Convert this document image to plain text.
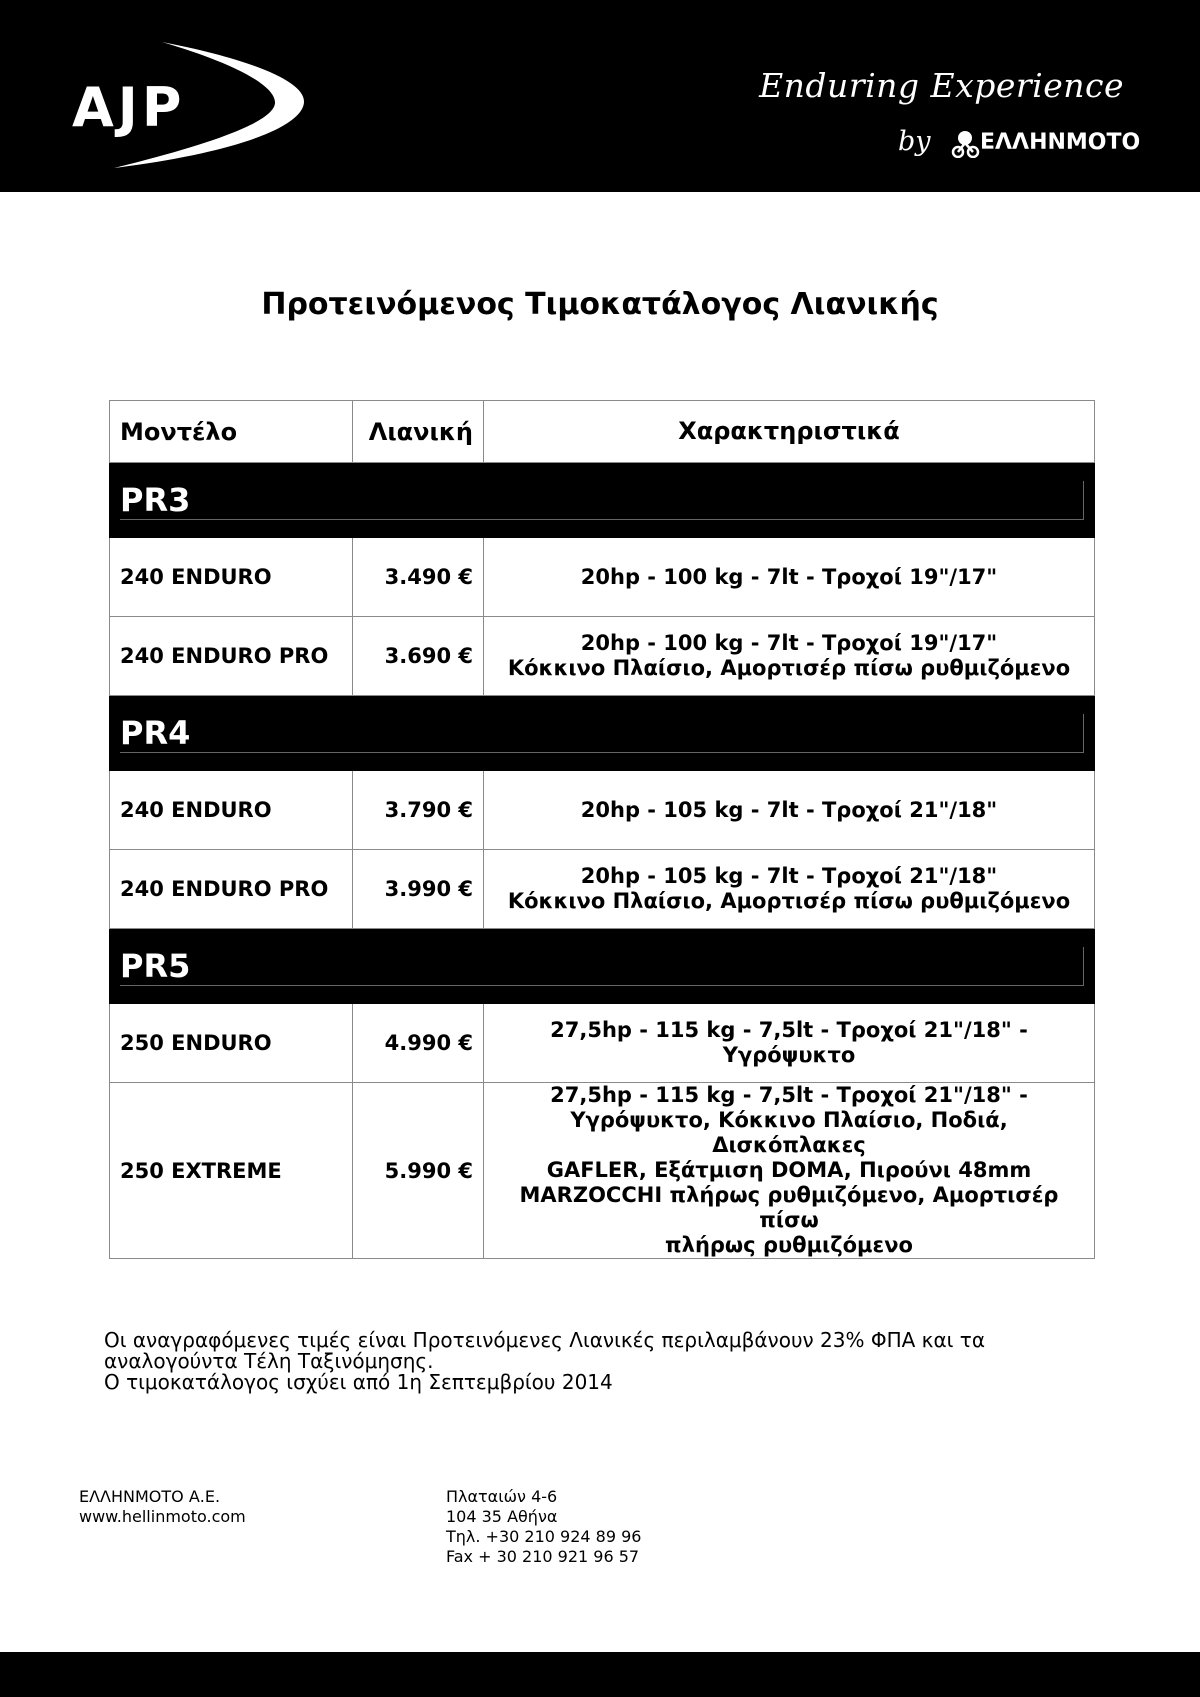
AJP	Enduring Experience
by ΕΛΛΗΝΜΟΤΟ
Προτεινόμενος Τιμοκατάλογος Λιανικής
Μοντέλο	Λιανική	Χαρακτηριστικά

PR3		

240 ENDURO	3.490 €	20hp - 100 kg - 7lt - Τροχοί 19"/17"

240 ENDURO PRO	3.690 €	20hp - 100 kg - 7lt - Τροχοί 19"/17"
Κόκκινο Πλαίσιο, Αμορτισέρ πίσω ρυθμιζόμενο

PR4		

240 ENDURO	3.790 €	20hp - 105 kg - 7lt - Τροχοί 21"/18"

240 ENDURO PRO	3.990 €	20hp - 105 kg - 7lt - Τροχοί 21"/18"
Κόκκινο Πλαίσιο, Αμορτισέρ πίσω ρυθμιζόμενο

PR5		

250 ENDURO	4.990 €	27,5hp - 115 kg - 7,5lt - Τροχοί 21"/18" -
Υγρόψυκτο

250 EXTREME	5.990 €	27,5hp - 115 kg - 7,5lt - Τροχοί 21"/18" -
Υγρόψυκτο, Κόκκινο Πλαίσιο, Ποδιά, Δισκόπλακες
GAFLER, Εξάτμιση DOMA, Πιρούνι 48mm
MARZOCCHI πλήρως ρυθμιζόμενο, Αμορτισέρ πίσω
πλήρως ρυθμιζόμενο

Οι αναγραφόμενες τιμές είναι Προτεινόμενες Λιανικές περιλαμβάνουν 23% ΦΠΑ και τα αναλογούντα Τέλη Ταξινόμησης.

Ο τιμοκατάλογος ισχύει από 1η Σεπτεμβρίου 2014

ΕΛΛΗΝΜΟΤΟ Α.Ε.
www.hellinmoto.com
Πλαταιών 4-6
104 35 Αθήνα
Τηλ. +30 210 924 89 96
Fax + 30 210 921 96 57
